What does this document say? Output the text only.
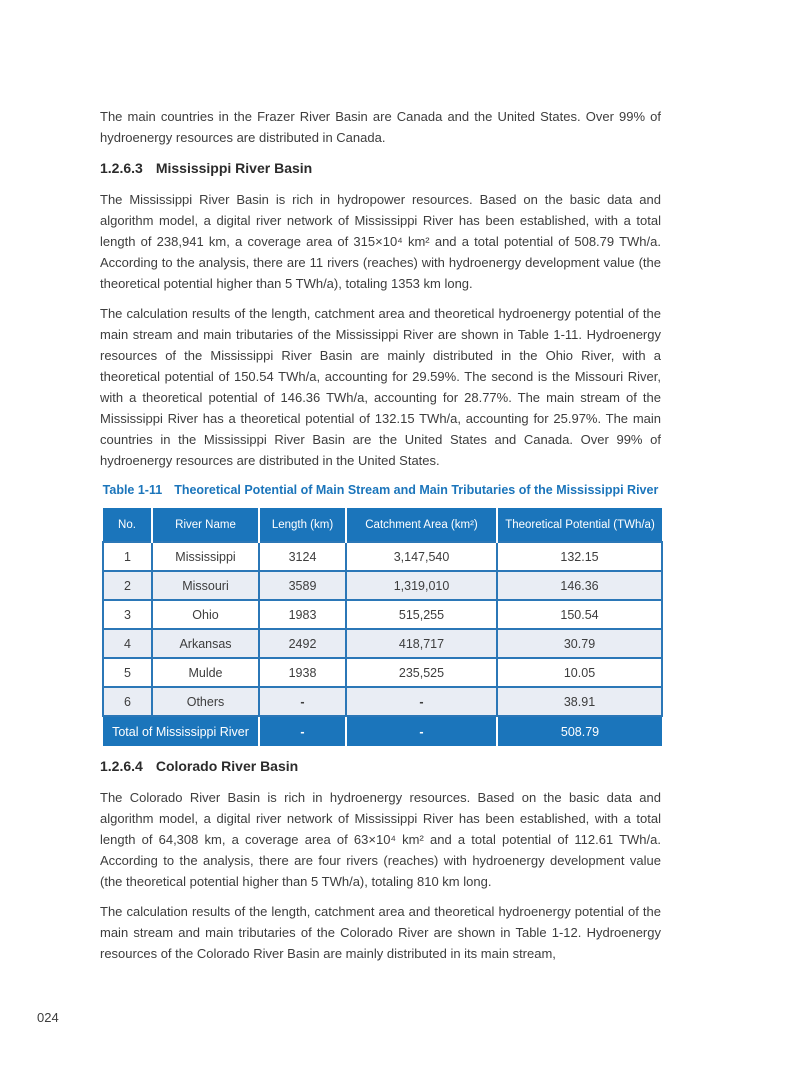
The main countries in the Frazer River Basin are Canada and the United States. Over 99% of hydroenergy resources are distributed in Canada.

1.2.6.3 Mississippi River Basin

The Mississippi River Basin is rich in hydropower resources. Based on the basic data and algorithm model, a digital river network of Mississippi River has been established, with a total length of 238,941 km, a coverage area of 315×10⁴ km² and a total potential of 508.79 TWh/a. According to the analysis, there are 11 rivers (reaches) with hydroenergy development value (the theoretical potential higher than 5 TWh/a), totaling 1353 km long.

The calculation results of the length, catchment area and theoretical hydroenergy potential of the main stream and main tributaries of the Mississippi River are shown in Table 1-11. Hydroenergy resources of the Mississippi River Basin are mainly distributed in the Ohio River, with a theoretical potential of 150.54 TWh/a, accounting for 29.59%. The second is the Missouri River, with a theoretical potential of 146.36 TWh/a, accounting for 28.77%. The main stream of the Mississippi River has a theoretical potential of 132.15 TWh/a, accounting for 25.97%. The main countries in the Mississippi River Basin are the United States and Canada. Over 99% of hydroenergy resources are distributed in the United States.

Table 1-11 Theoretical Potential of Main Stream and Main Tributaries of the Mississippi River
No.	River Name	Length (km)	Catchment Area (km²)	Theoretical Potential (TWh/a)
1	Mississippi	3124	3,147,540	132.15
2	Missouri	3589	1,319,010	146.36
3	Ohio	1983	515,255	150.54
4	Arkansas	2492	418,717	30.79
5	Mulde	1938	235,525	10.05
6	Others	-	-	38.91
Total of Mississippi River		-	-	508.79
1.2.6.4 Colorado River Basin

The Colorado River Basin is rich in hydroenergy resources. Based on the basic data and algorithm model, a digital river network of Mississippi River has been established, with a total length of 64,308 km, a coverage area of 63×10⁴ km² and a total potential of 112.61 TWh/a. According to the analysis, there are four rivers (reaches) with hydroenergy development value (the theoretical potential higher than 5 TWh/a), totaling 810 km long.

The calculation results of the length, catchment area and theoretical hydroenergy potential of the main stream and main tributaries of the Colorado River are shown in Table 1-12. Hydroenergy resources of the Colorado River Basin are mainly distributed in its main stream,

024
